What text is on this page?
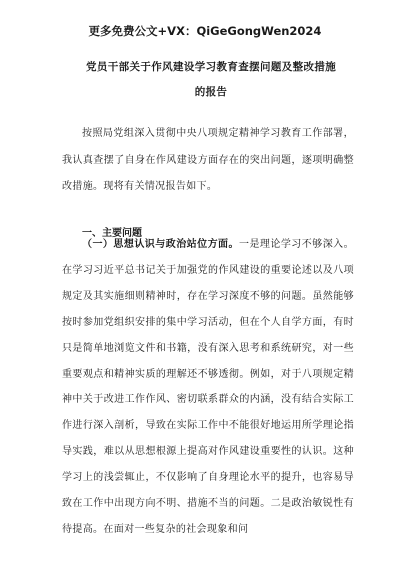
更多免费公文+VX：QiGeGongWen2024
党员干部关于作风建设学习教育查摆问题及整改措施的报告

按照局党组深入贯彻中央八项规定精神学习教育工作部署，我认真查摆了自身在作风建设方面存在的突出问题，逐项明确整改措施。现将有关情况报告如下。

一、主要问题

（一）思想认识与政治站位方面。一是理论学习不够深入。在学习习近平总书记关于加强党的作风建设的重要论述以及八项规定及其实施细则精神时，存在学习深度不够的问题。虽然能够按时参加党组织安排的集中学习活动，但在个人自学方面，有时只是简单地浏览文件和书籍，没有深入思考和系统研究，对一些重要观点和精神实质的理解还不够透彻。例如，对于八项规定精神中关于改进工作作风、密切联系群众的内涵，没有结合实际工作进行深入剖析，导致在实际工作中不能很好地运用所学理论指导实践，难以从思想根源上提高对作风建设重要性的认识。这种学习上的浅尝辄止，不仅影响了自身理论水平的提升，也容易导致在工作中出现方向不明、措施不当的问题。二是政治敏锐性有待提高。在面对一些复杂的社会现象和问
